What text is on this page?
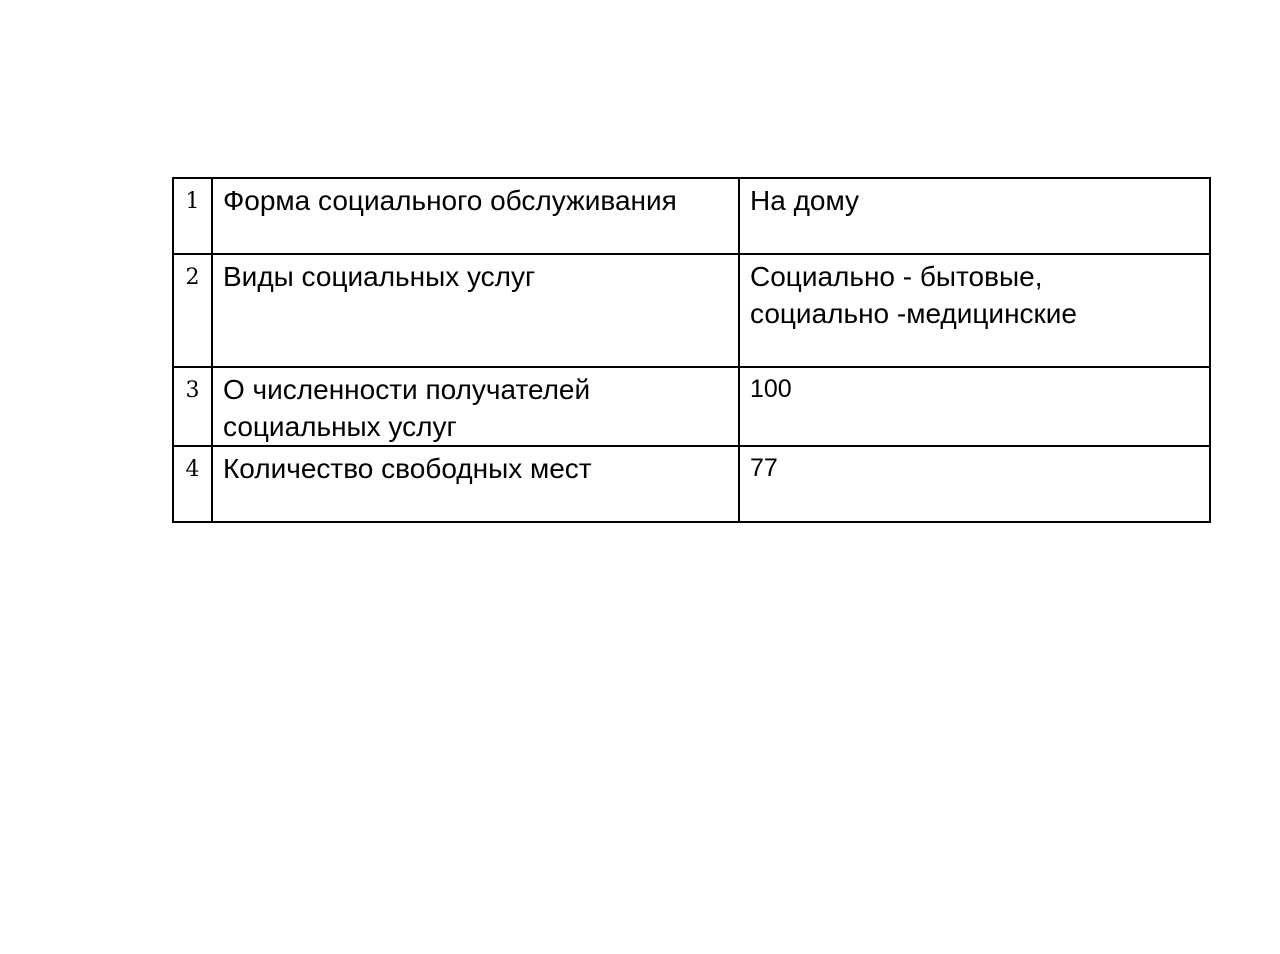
1	Форма социального обслуживания	На дому

2	Виды социальных услуг	Социально - бытовые,
социально -медицинские

3	О численности получателей
социальных услуг	100

4	Количество свободных мест	77
